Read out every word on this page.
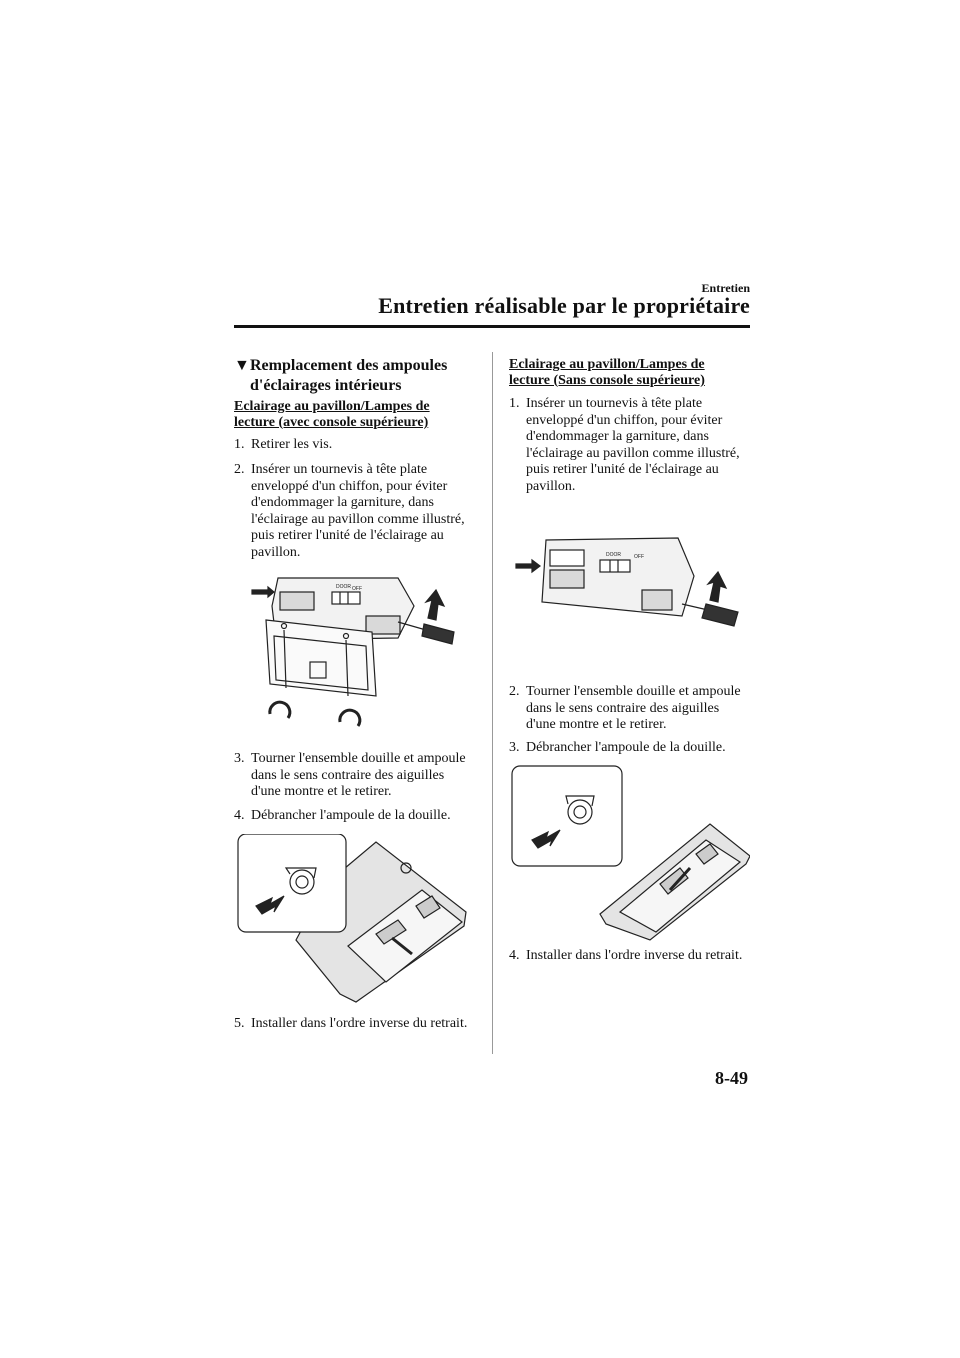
Entretien
Entretien réalisable par le propriétaire
▼Remplacement des ampoules
d'éclairages intérieurs
Eclairage au pavillon/Lampes de
lecture (avec console supérieure)
1. Retirer les vis.
2. Insérer un tournevis à tête plate
enveloppé d'un chiffon, pour éviter
d'endommager la garniture, dans
l'éclairage au pavillon comme illustré,
puis retirer l'unité de l'éclairage au
pavillon.
DOOR OFF
3. Tourner l'ensemble douille et ampoule
dans le sens contraire des aiguilles
d'une montre et le retirer.
4. Débrancher l'ampoule de la douille.
5. Installer dans l'ordre inverse du retrait.
Eclairage au pavillon/Lampes de
lecture (Sans console supérieure)
1. Insérer un tournevis à tête plate
enveloppé d'un chiffon, pour éviter
d'endommager la garniture, dans
l'éclairage au pavillon comme illustré,
puis retirer l'unité de l'éclairage au
pavillon.
DOOR	OFF
2. Tourner l'ensemble douille et ampoule
dans le sens contraire des aiguilles
d'une montre et le retirer.
3. Débrancher l'ampoule de la douille.
4. Installer dans l'ordre inverse du retrait.
8-49
